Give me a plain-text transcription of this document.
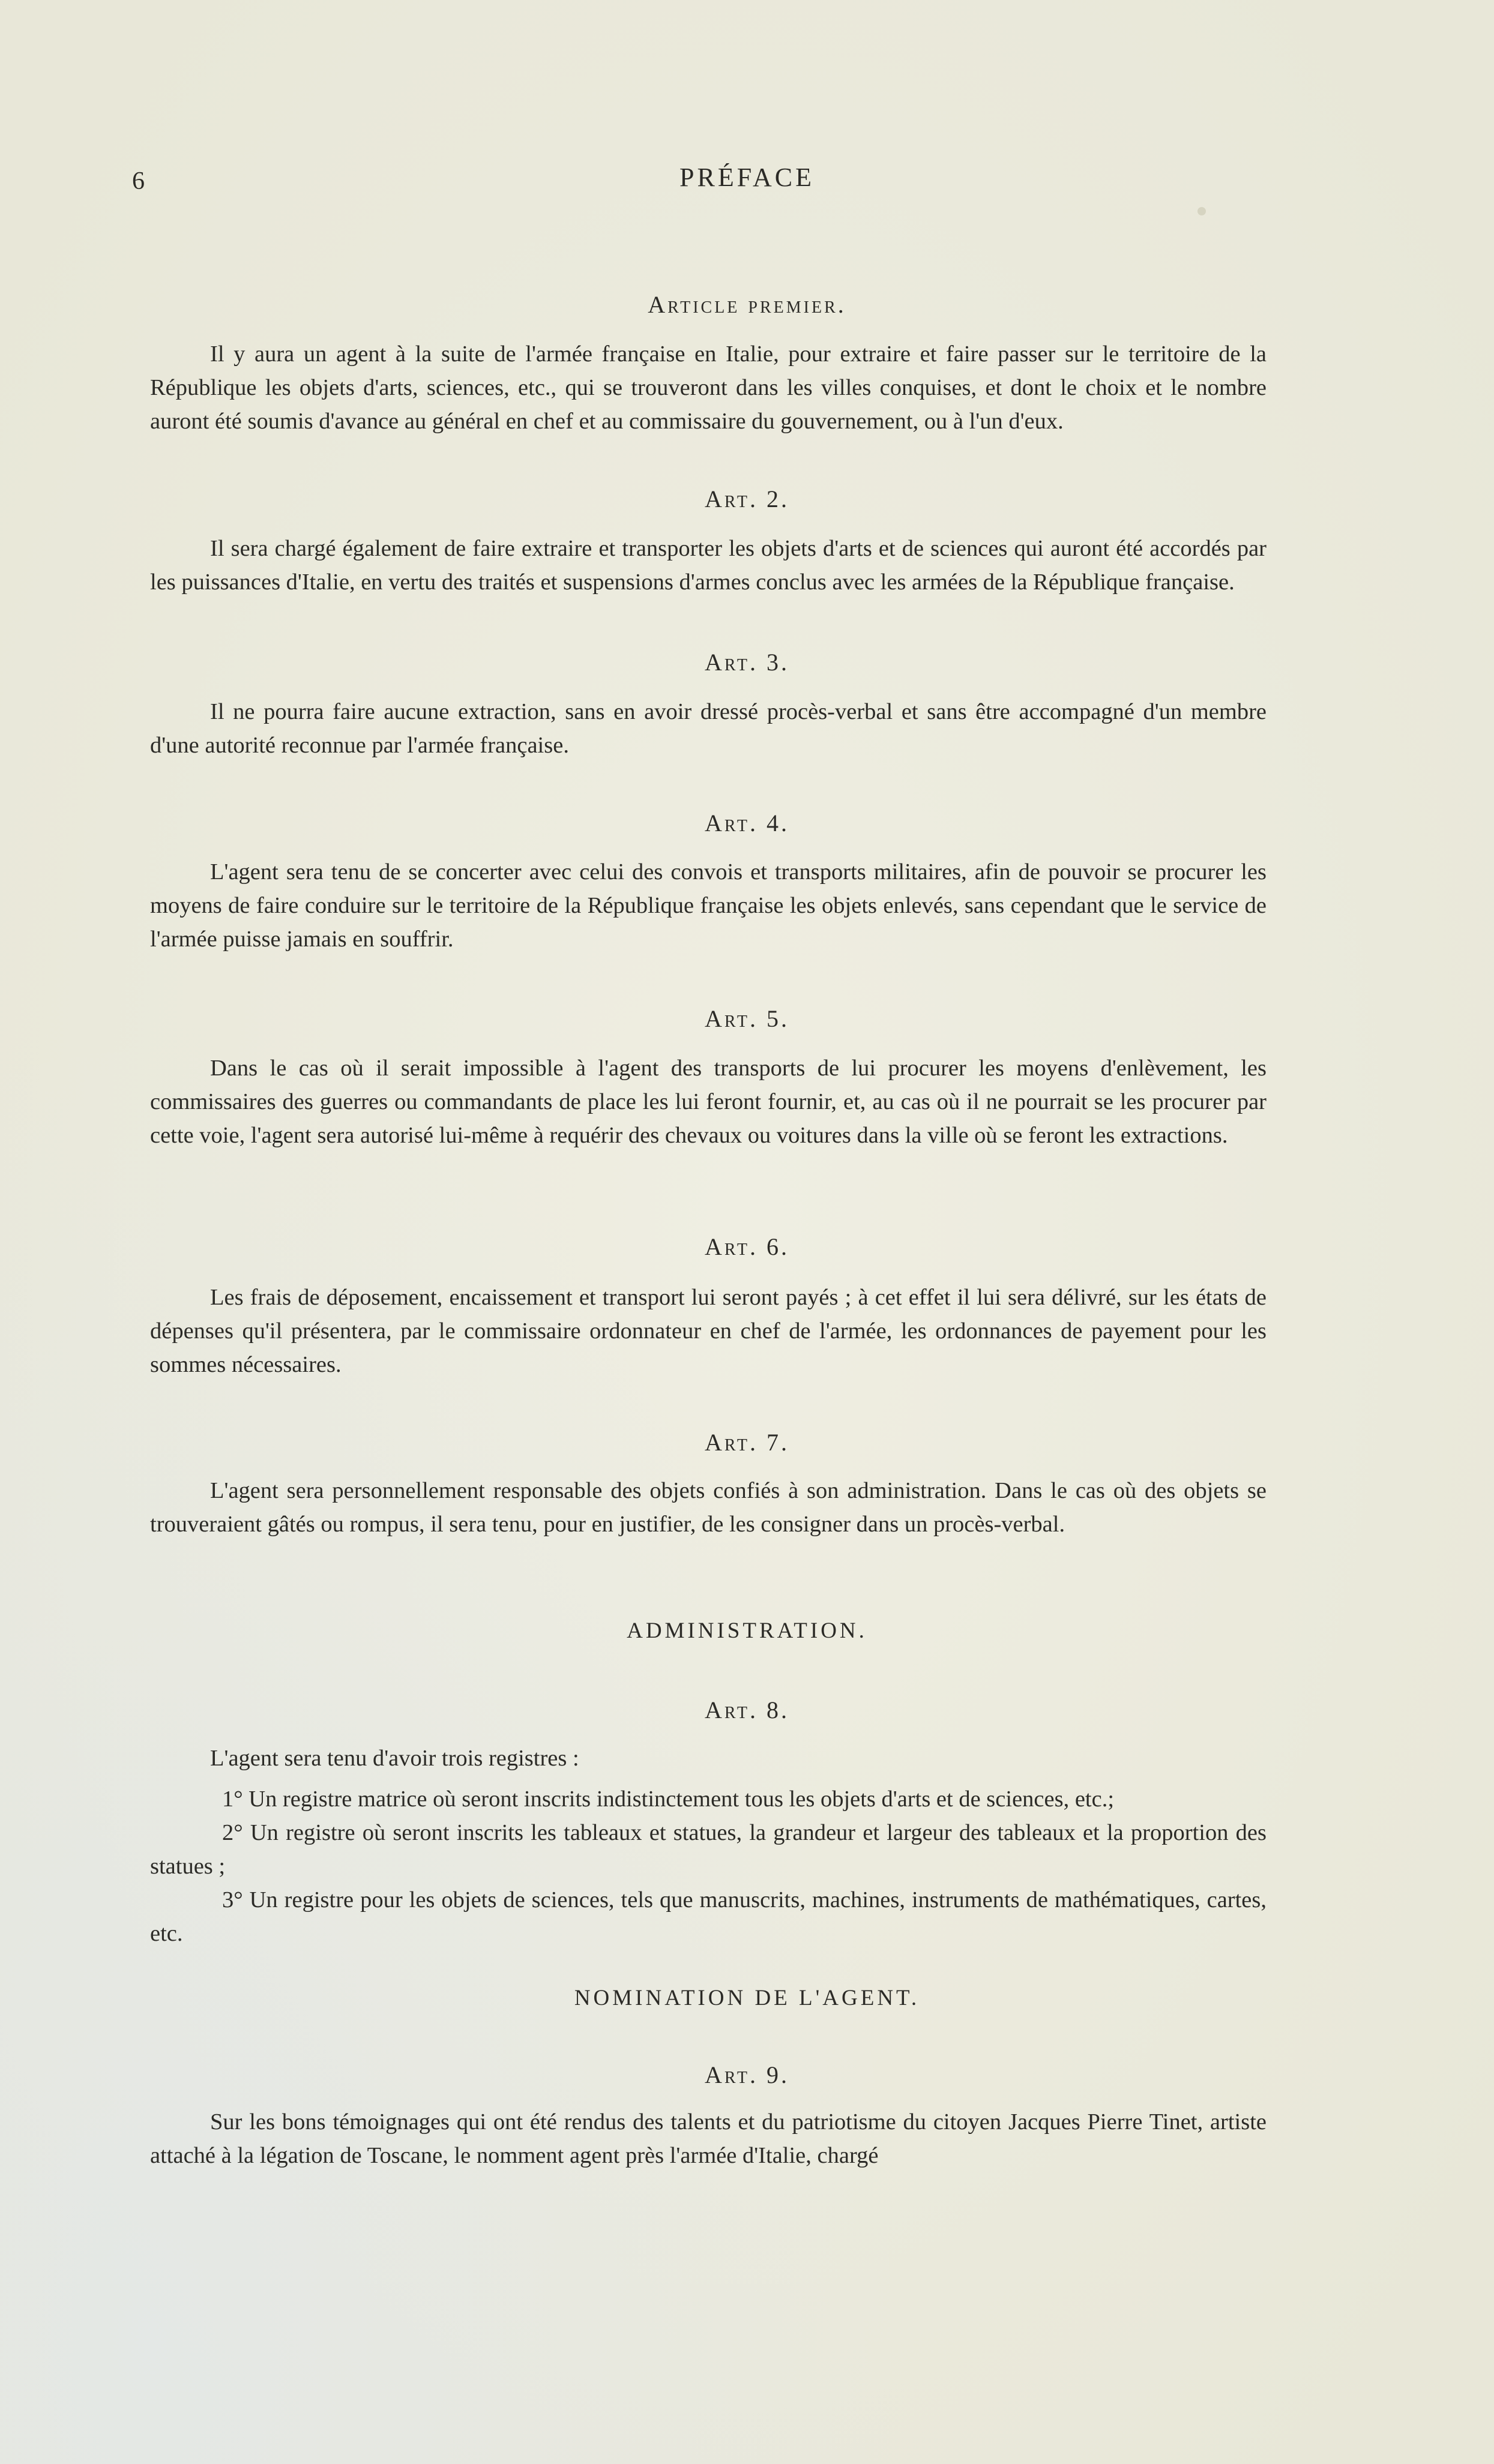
6	PRÉFACE
Article premier.

Il y aura un agent à la suite de l'armée française en Italie, pour extraire et faire passer sur le territoire de la République les objets d'arts, sciences, etc., qui se trouveront dans les villes conquises, et dont le choix et le nombre auront été soumis d'avance au général en chef et au commissaire du gouvernement, ou à l'un d'eux.

Art. 2.

Il sera chargé également de faire extraire et transporter les objets d'arts et de sciences qui auront été accordés par les puissances d'Italie, en vertu des traités et suspensions d'armes conclus avec les armées de la République française.

Art. 3.

Il ne pourra faire aucune extraction, sans en avoir dressé procès-verbal et sans être accompagné d'un membre d'une autorité reconnue par l'armée française.

Art. 4.

L'agent sera tenu de se concerter avec celui des convois et transports militaires, afin de pouvoir se procurer les moyens de faire conduire sur le territoire de la République française les objets enlevés, sans cependant que le service de l'armée puisse jamais en souffrir.

Art. 5.

Dans le cas où il serait impossible à l'agent des transports de lui procurer les moyens d'enlèvement, les commissaires des guerres ou commandants de place les lui feront fournir, et, au cas où il ne pourrait se les procurer par cette voie, l'agent sera autorisé lui-même à requérir des chevaux ou voitures dans la ville où se feront les extractions.

Art. 6.

Les frais de déposement, encaissement et transport lui seront payés ; à cet effet il lui sera délivré, sur les états de dépenses qu'il présentera, par le commissaire ordonnateur en chef de l'armée, les ordonnances de payement pour les sommes nécessaires.

Art. 7.

L'agent sera personnellement responsable des objets confiés à son administration. Dans le cas où des objets se trouveraient gâtés ou rompus, il sera tenu, pour en justifier, de les consigner dans un procès-verbal.

ADMINISTRATION.
Art. 8.

L'agent sera tenu d'avoir trois registres :

1° Un registre matrice où seront inscrits indistinctement tous les objets d'arts et de sciences, etc.;

2° Un registre où seront inscrits les tableaux et statues, la grandeur et largeur des tableaux et la proportion des statues ;

3° Un registre pour les objets de sciences, tels que manuscrits, machines, instruments de mathématiques, cartes, etc.

NOMINATION DE L'AGENT.
Art. 9.

Sur les bons témoignages qui ont été rendus des talents et du patriotisme du citoyen Jacques Pierre Tinet, artiste attaché à la légation de Toscane, le nomment agent près l'armée d'Italie, chargé
